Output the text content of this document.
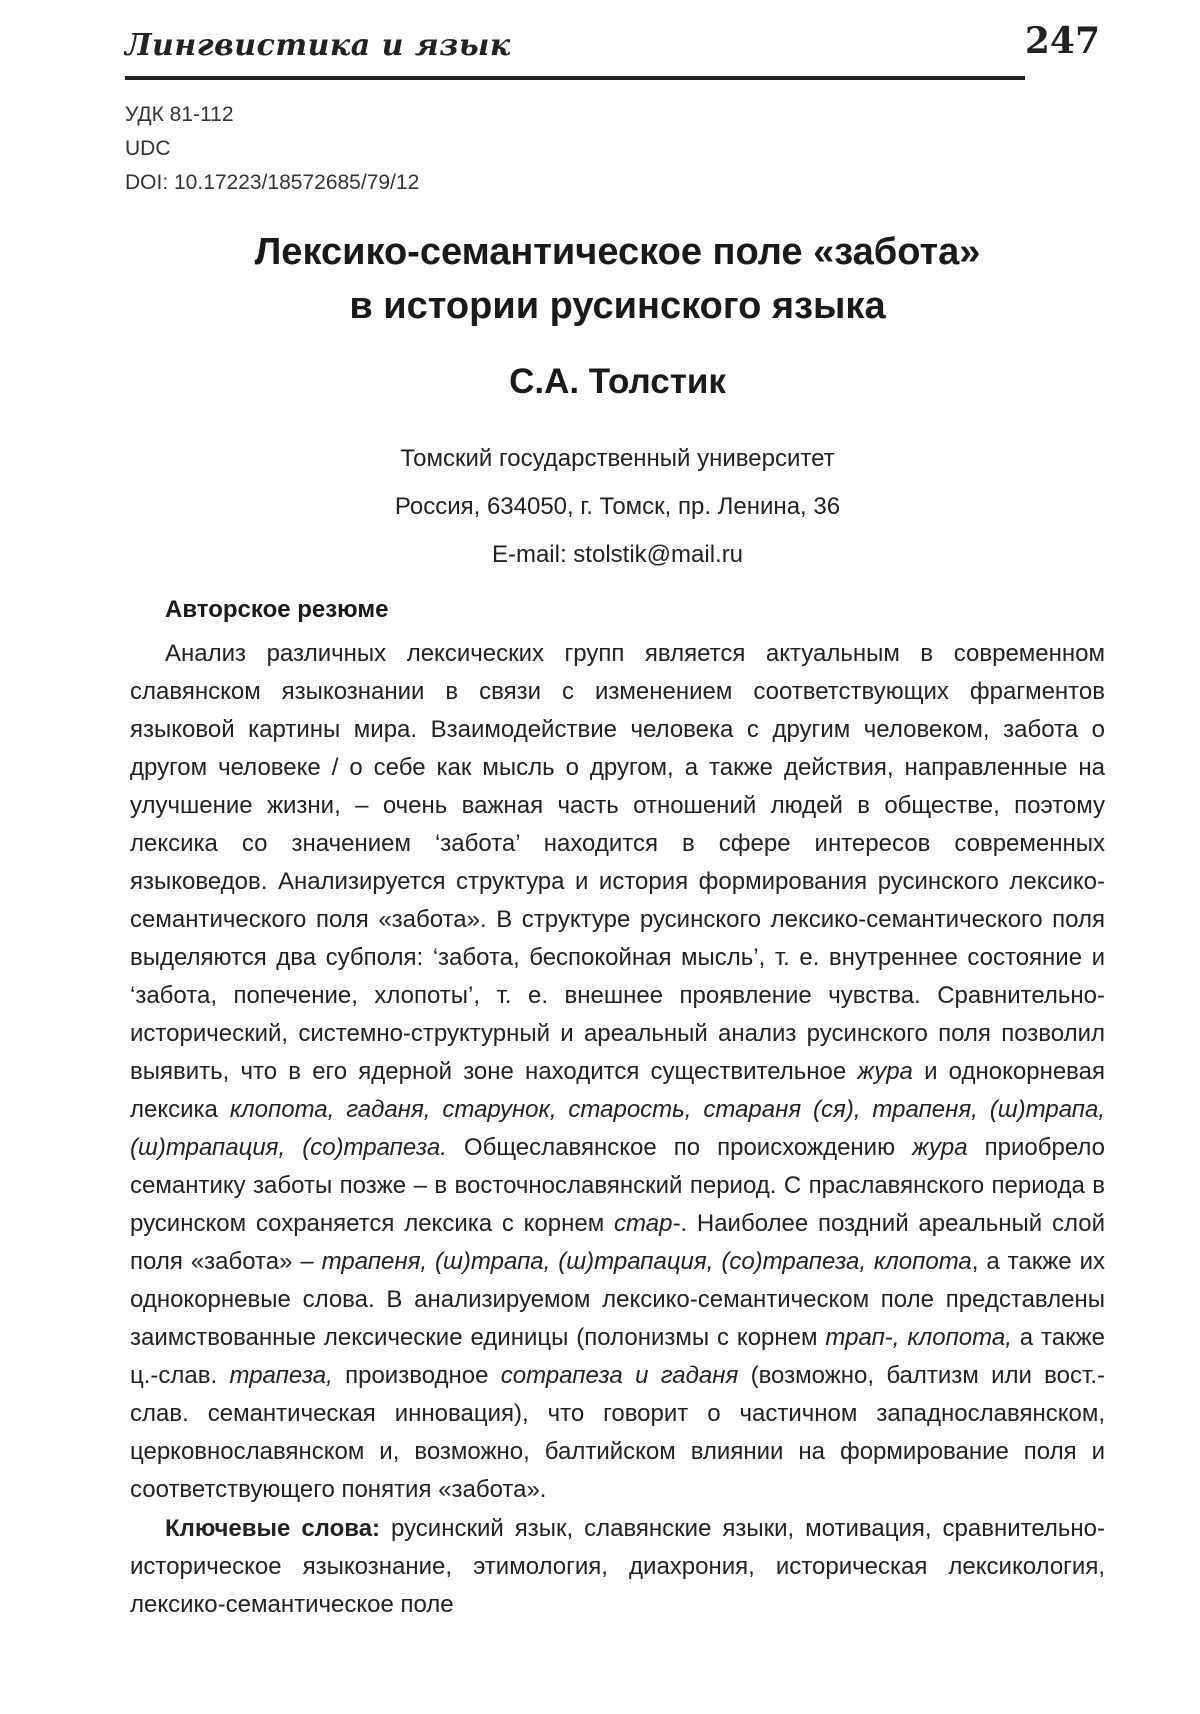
Лингвистика и язык	247
УДК 81-112
UDC
DOI: 10.17223/18572685/79/12
Лексико-семантическое поле «забота»
в истории русинского языка
С.А. Толстик
Томский государственный университет
Россия, 634050, г. Томск, пр. Ленина, 36
E-mail: stolstik@mail.ru
Авторское резюме
Анализ различных лексических групп является актуальным в современном славянском языкознании в связи с изменением соответствующих фрагментов языковой картины мира. Взаимодействие человека с другим человеком, забота о другом человеке / о себе как мысль о другом, а также действия, направленные на улучшение жизни, – очень важная часть отношений людей в обществе, поэтому лексика со значением ‘забота’ находится в сфере интересов современных языковедов. Анализируется структура и история формирования русинского лексико-семантического поля «забота». В структуре русинского лексико-семантического поля выделяются два субполя: ‘забота, беспокойная мысль’, т. е. внутреннее состояние и ‘забота, попечение, хлопоты’, т. е. внешнее проявление чувства. Сравнительно-исторический, системно-структурный и ареальный анализ русинского поля позволил выявить, что в его ядерной зоне находится существительное жура и однокорневая лексика клопота, гаданя, старунок, старость, стараня (ся), трапеня, (ш)трапа, (ш)трапация, (со)трапеза. Общеславянское по происхождению жура приобрело семантику заботы позже – в восточнославянский период. С праславянского периода в русинском сохраняется лексика с корнем стар-. Наиболее поздний ареальный слой поля «забота» – трапеня, (ш)трапа, (ш)трапация, (со)трапеза, клопота, а также их однокорневые слова. В анализируемом лексико-семантическом поле представлены заимствованные лексические единицы (полонизмы с корнем трап-, клопота, а также ц.-слав. трапеза, производное сотрапеза и гаданя (возможно, балтизм или вост.-слав. семантическая инновация), что говорит о частичном западнославянском, церковнославянском и, возможно, балтийском влиянии на формирование поля и соответствующего понятия «забота».
Ключевые слова: русинский язык, славянские языки, мотивация, сравнительно-историческое языкознание, этимология, диахрония, историческая лексикология, лексико-семантическое поле
